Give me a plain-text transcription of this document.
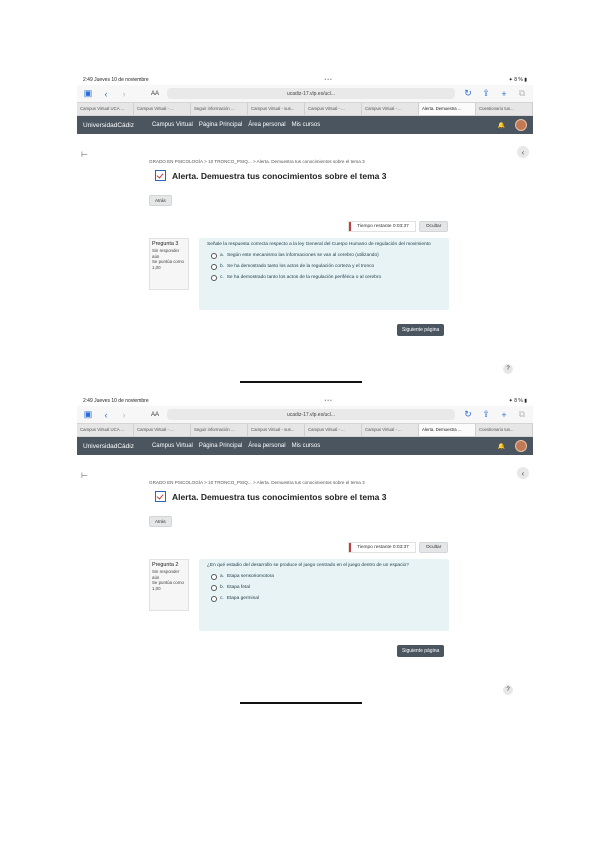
2:49 Jueves 10 de noviembre	•••	✦ 8 % ▮
▣	‹	›	AA	ucadiz-17.vlp.es/ucl...	↻ ⇪ + ⧉
Campus Virtual UCA ...	Campus Virtual - ...	Seguir información ...	Campus Virtual - sus...	Campus Virtual - ...	Campus Virtual - ...	Alerta. Demuestra ...	Cuestionario tus...
UniversidadCádiz	Campus Virtual Página Principal Área personal Mis cursos	🔔
⊢	‹
GRADO EN PSICOLOGÍA > 10 TRONCO_PSIQ... > Alerta. Demuestra tus conocimientos sobre el tema 3
Alerta. Demuestra tus conocimientos sobre el tema 3
Atrás
Tiempo restante 0:03:37	Ocultar
Pregunta 3
Sin responder aún
Se puntúa como 1,00
Señale la respuesta correcta respecto a la ley General del Cuerpo Humano de regulación del movimiento
a. Según este mecanismo las informaciones se van al cerebro (utilizando)
b. Se ha demostrado tanto los actos de la regulación corteza y el tronco
c. Se ha demostrado tanto los actos de la regulación periférica o al cerebro
Siguiente página
?
2:49 Jueves 10 de noviembre	•••	✦ 8 % ▮
▣	‹	›	AA	ucadiz-17.vlp.es/ucl...	↻ ⇪ + ⧉
Campus Virtual UCA ...	Campus Virtual - ...	Seguir información ...	Campus Virtual - sus...	Campus Virtual - ...	Campus Virtual - ...	Alerta. Demuestra ...	Cuestionario tus...
UniversidadCádiz	Campus Virtual Página Principal Área personal Mis cursos	🔔
⊢	‹
GRADO EN PSICOLOGÍA > 10 TRONCO_PSIQ... > Alerta. Demuestra tus conocimientos sobre el tema 3
Alerta. Demuestra tus conocimientos sobre el tema 3
Atrás
Tiempo restante 0:03:37	Ocultar
Pregunta 2
Sin responder aún
Se puntúa como 1,00
¿En qué estadio del desarrollo se produce el juego centrado en el juego dentro de un espacio?
a. Etapa sensoriomotora
b. Etapa fetal
c. Etapa germinal
Siguiente página
?
